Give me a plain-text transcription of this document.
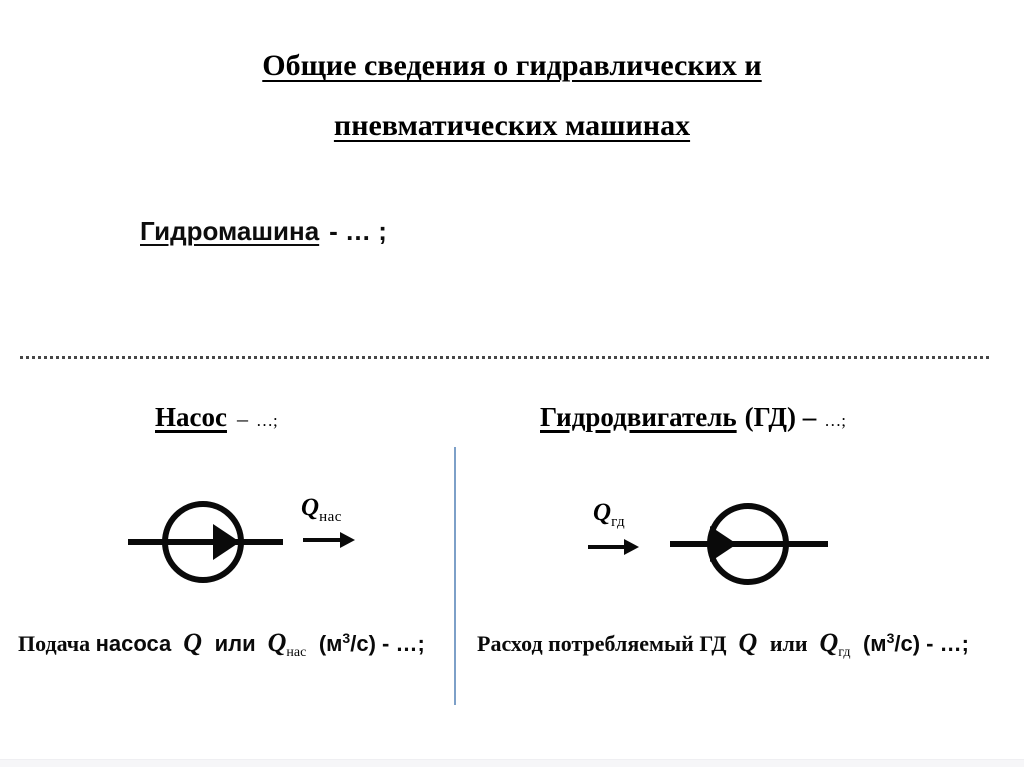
Общие сведения о гидравлических и
пневматических машинах
Гидромашина - … ;
Насос – …;	Гидродвигатель (ГД) – …;
$Q_{нас}$	$Q_{гд}$
Подача насоса Q или $Q_{нас}$ $(м^3/с)$ - …; Расход потребляемый ГД Q или $Q_{гд}$ $(м^3/с)$ - …;
